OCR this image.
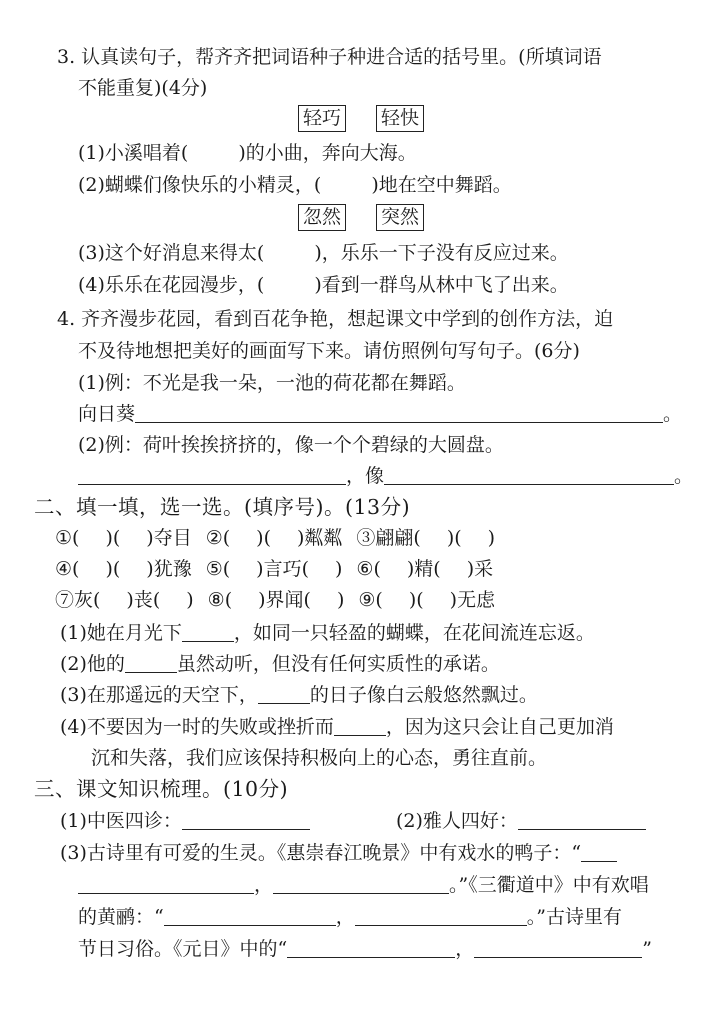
3. 认真读句子，帮齐齐把词语种子种进合适的括号里。(所填词语
不能重复)(4分)
轻巧 轻快
(1)小溪唱着(	)的小曲，奔向大海。
(2)蝴蝶们像快乐的小精灵，(	)地在空中舞蹈。
忽然 突然
(3)这个好消息来得太(	)，乐乐一下子没有反应过来。
(4)乐乐在花园漫步，(	)看到一群鸟从林中飞了出来。
4. 齐齐漫步花园，看到百花争艳，想起课文中学到的创作方法，迫
不及待地想把美好的画面写下来。请仿照例句写句子。(6分)
(1)例：不光是我一朵，一池的荷花都在舞蹈。
向日葵	。
(2)例：荷叶挨挨挤挤的，像一个个碧绿的大圆盘。
，像	。
二、填一填，选一选。(填序号)。(13分)
①( )( )夺目 ②( )( )粼粼 ③翩翩( )( )
④( )( )犹豫 ⑤( )言巧( ) ⑥( )精( )采
⑦灰( )丧( ) ⑧( )界闻( ) ⑨( )( )无虑
(1)她在月光下	，如同一只轻盈的蝴蝶，在花间流连忘返。
(2)他的	虽然动听，但没有任何实质性的承诺。
(3)在那遥远的天空下，	的日子像白云般悠然飘过。
(4)不要因为一时的失败或挫折而	，因为这只会让自己更加消
沉和失落，我们应该保持积极向上的心态，勇往直前。
三、课文知识梳理。(10分)
(1)中医四诊：	(2)雅人四好：
(3)古诗里有可爱的生灵。《惠崇春江晚景》中有戏水的鸭子：“
，	。”《三衢道中》中有欢唱
的黄鹂：“	，	。”古诗里有
节日习俗。《元日》中的“	，	”
